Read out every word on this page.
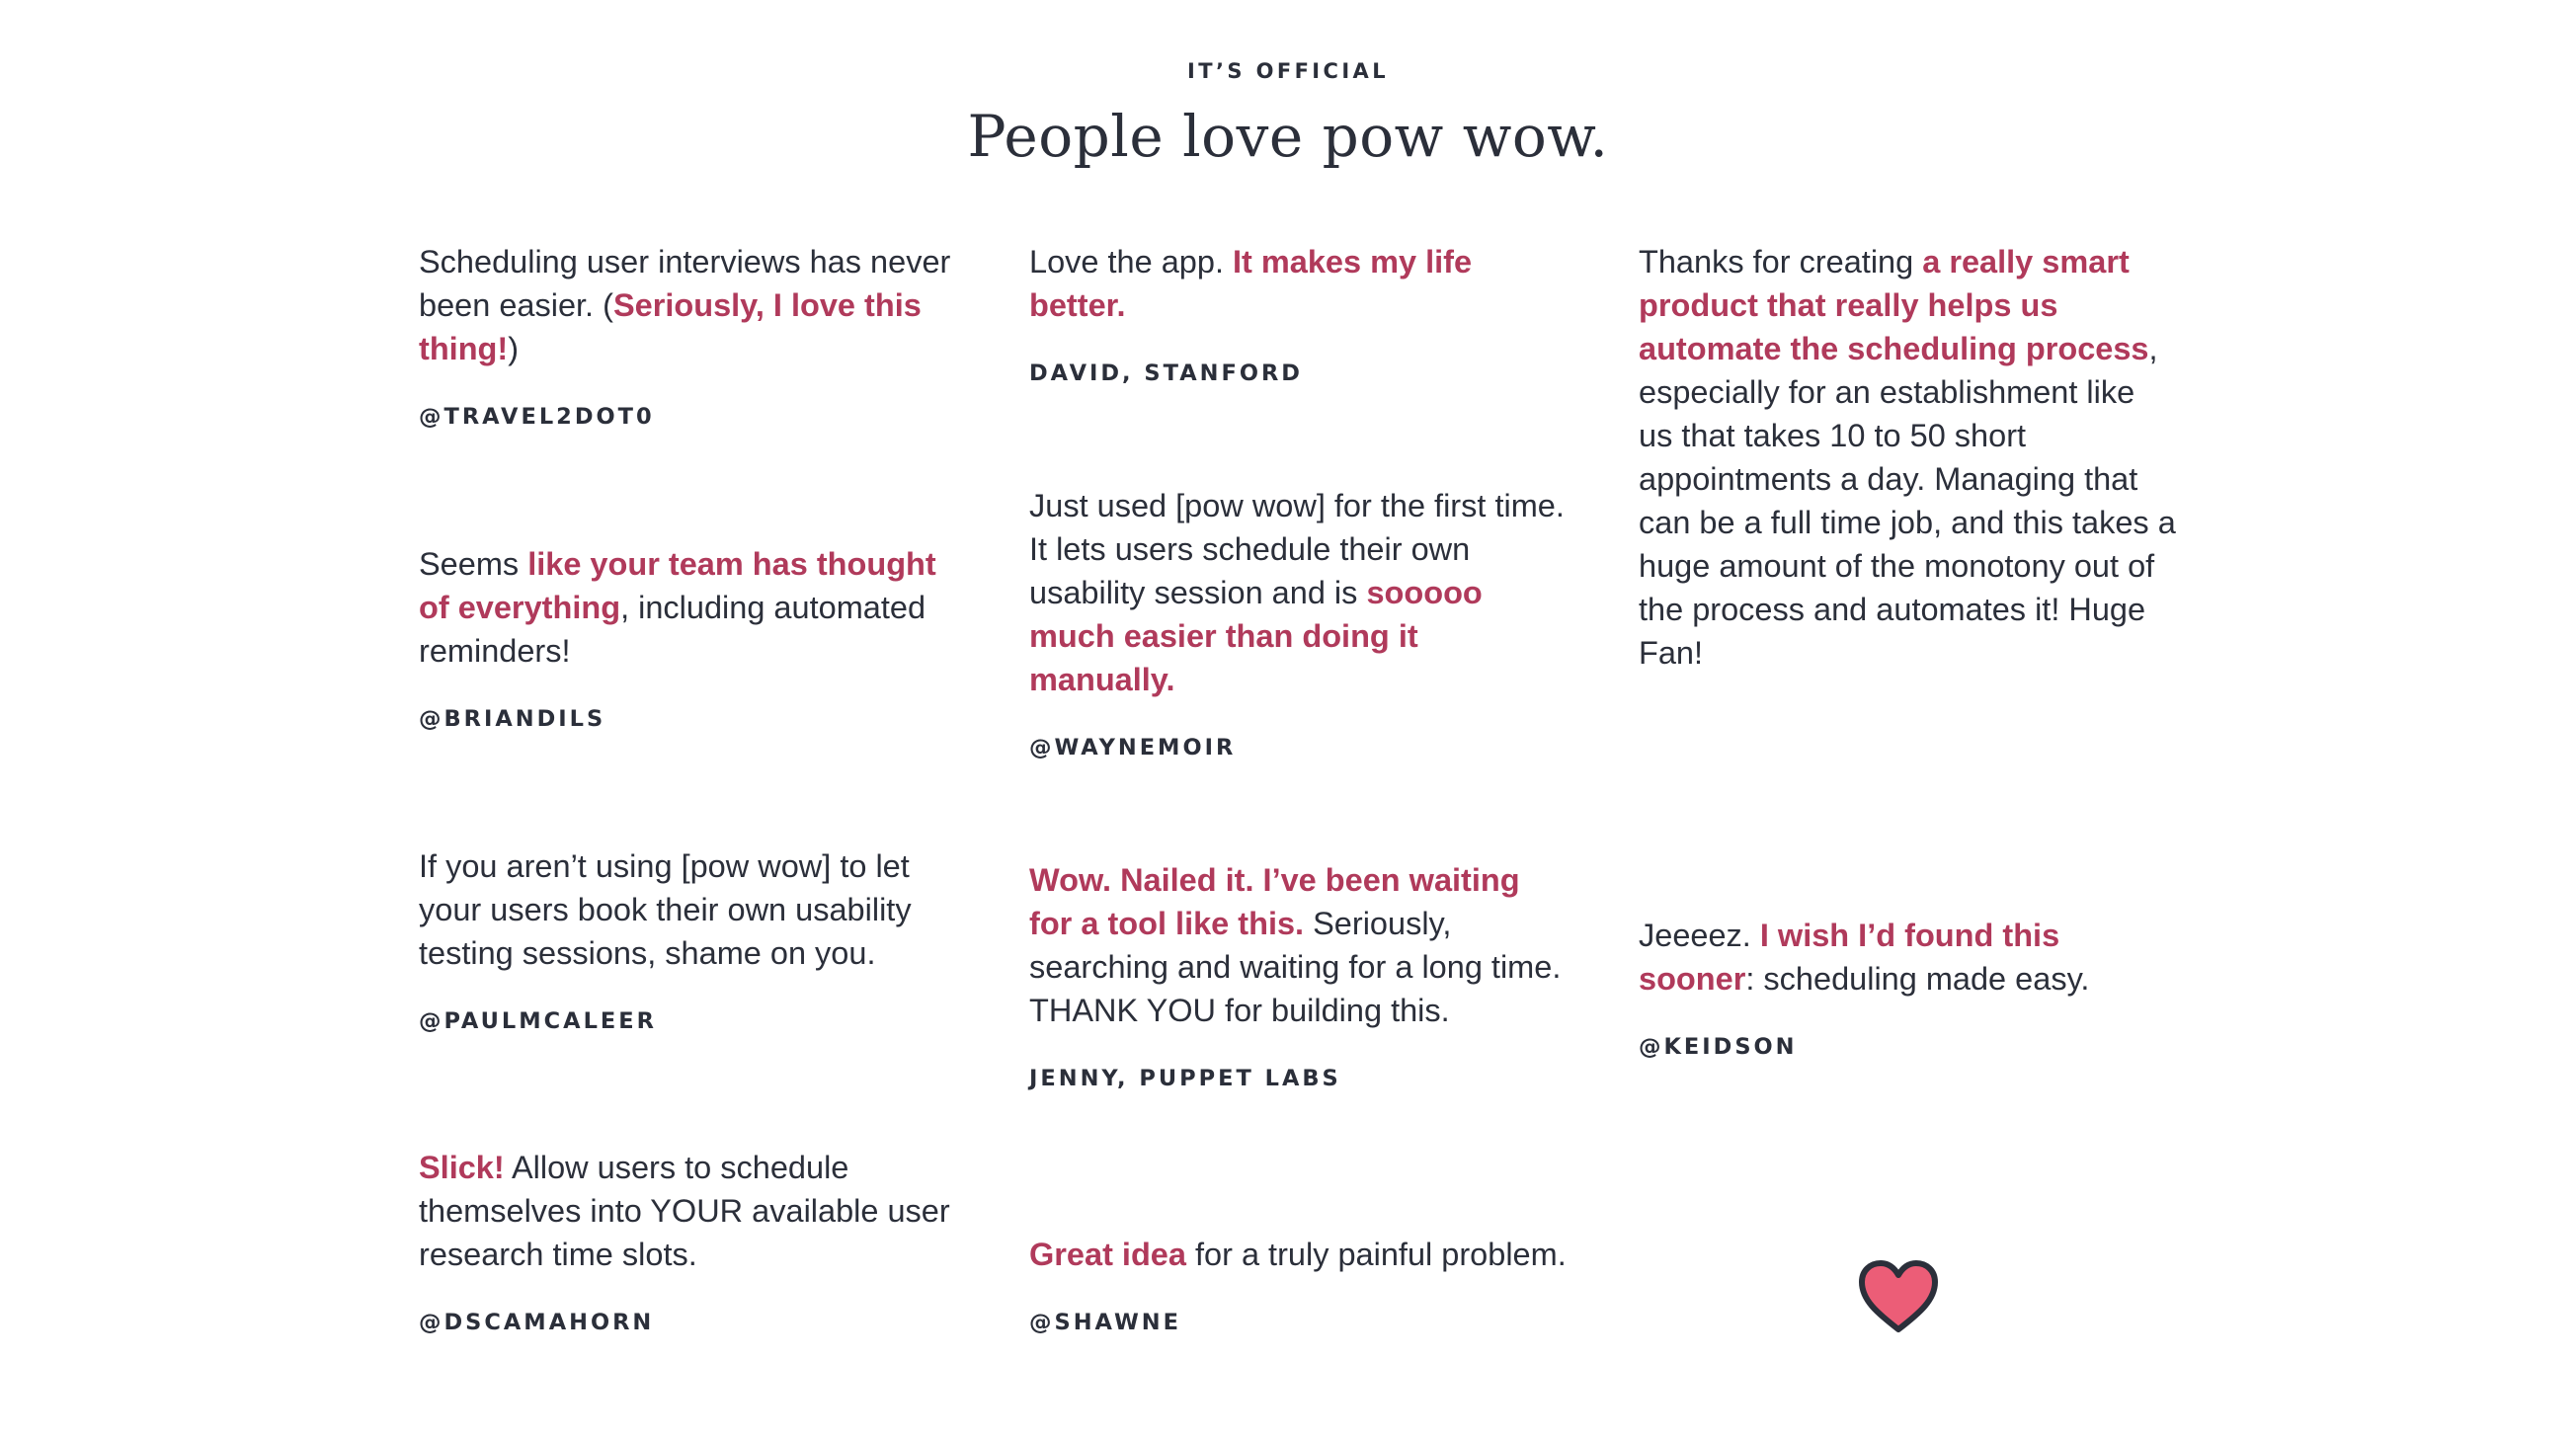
IT’S OFFICIAL
People love pow wow.

Scheduling user interviews has never been easier. (Seriously, I love this thing!)

@TRAVEL2DOT0

Seems like your team has thought of everything, including automated reminders!

@BRIANDILS

If you aren’t using [pow wow] to let your users book their own usability testing sessions, shame on you.

@PAULMCALEER

Slick! Allow users to schedule themselves into YOUR available user research time slots.

@DSCAMAHORN

Love the app. It makes my life better.

DAVID, STANFORD

Just used [pow wow] for the first time. It lets users schedule their own usability session and is sooooo much easier than doing it manually.

@WAYNEMOIR

Wow. Nailed it. I’ve been waiting for a tool like this. Seriously, searching and waiting for a long time. THANK YOU for building this.

JENNY, PUPPET LABS

Great idea for a truly painful problem.

@SHAWNE

Thanks for creating a really smart product that really helps us automate the scheduling process, especially for an establishment like us that takes 10 to 50 short appointments a day. Managing that can be a full time job, and this takes a huge amount of the monotony out of the process and automates it! Huge Fan!

Jeeeez. I wish I’d found this sooner: scheduling made easy.

@KEIDSON
